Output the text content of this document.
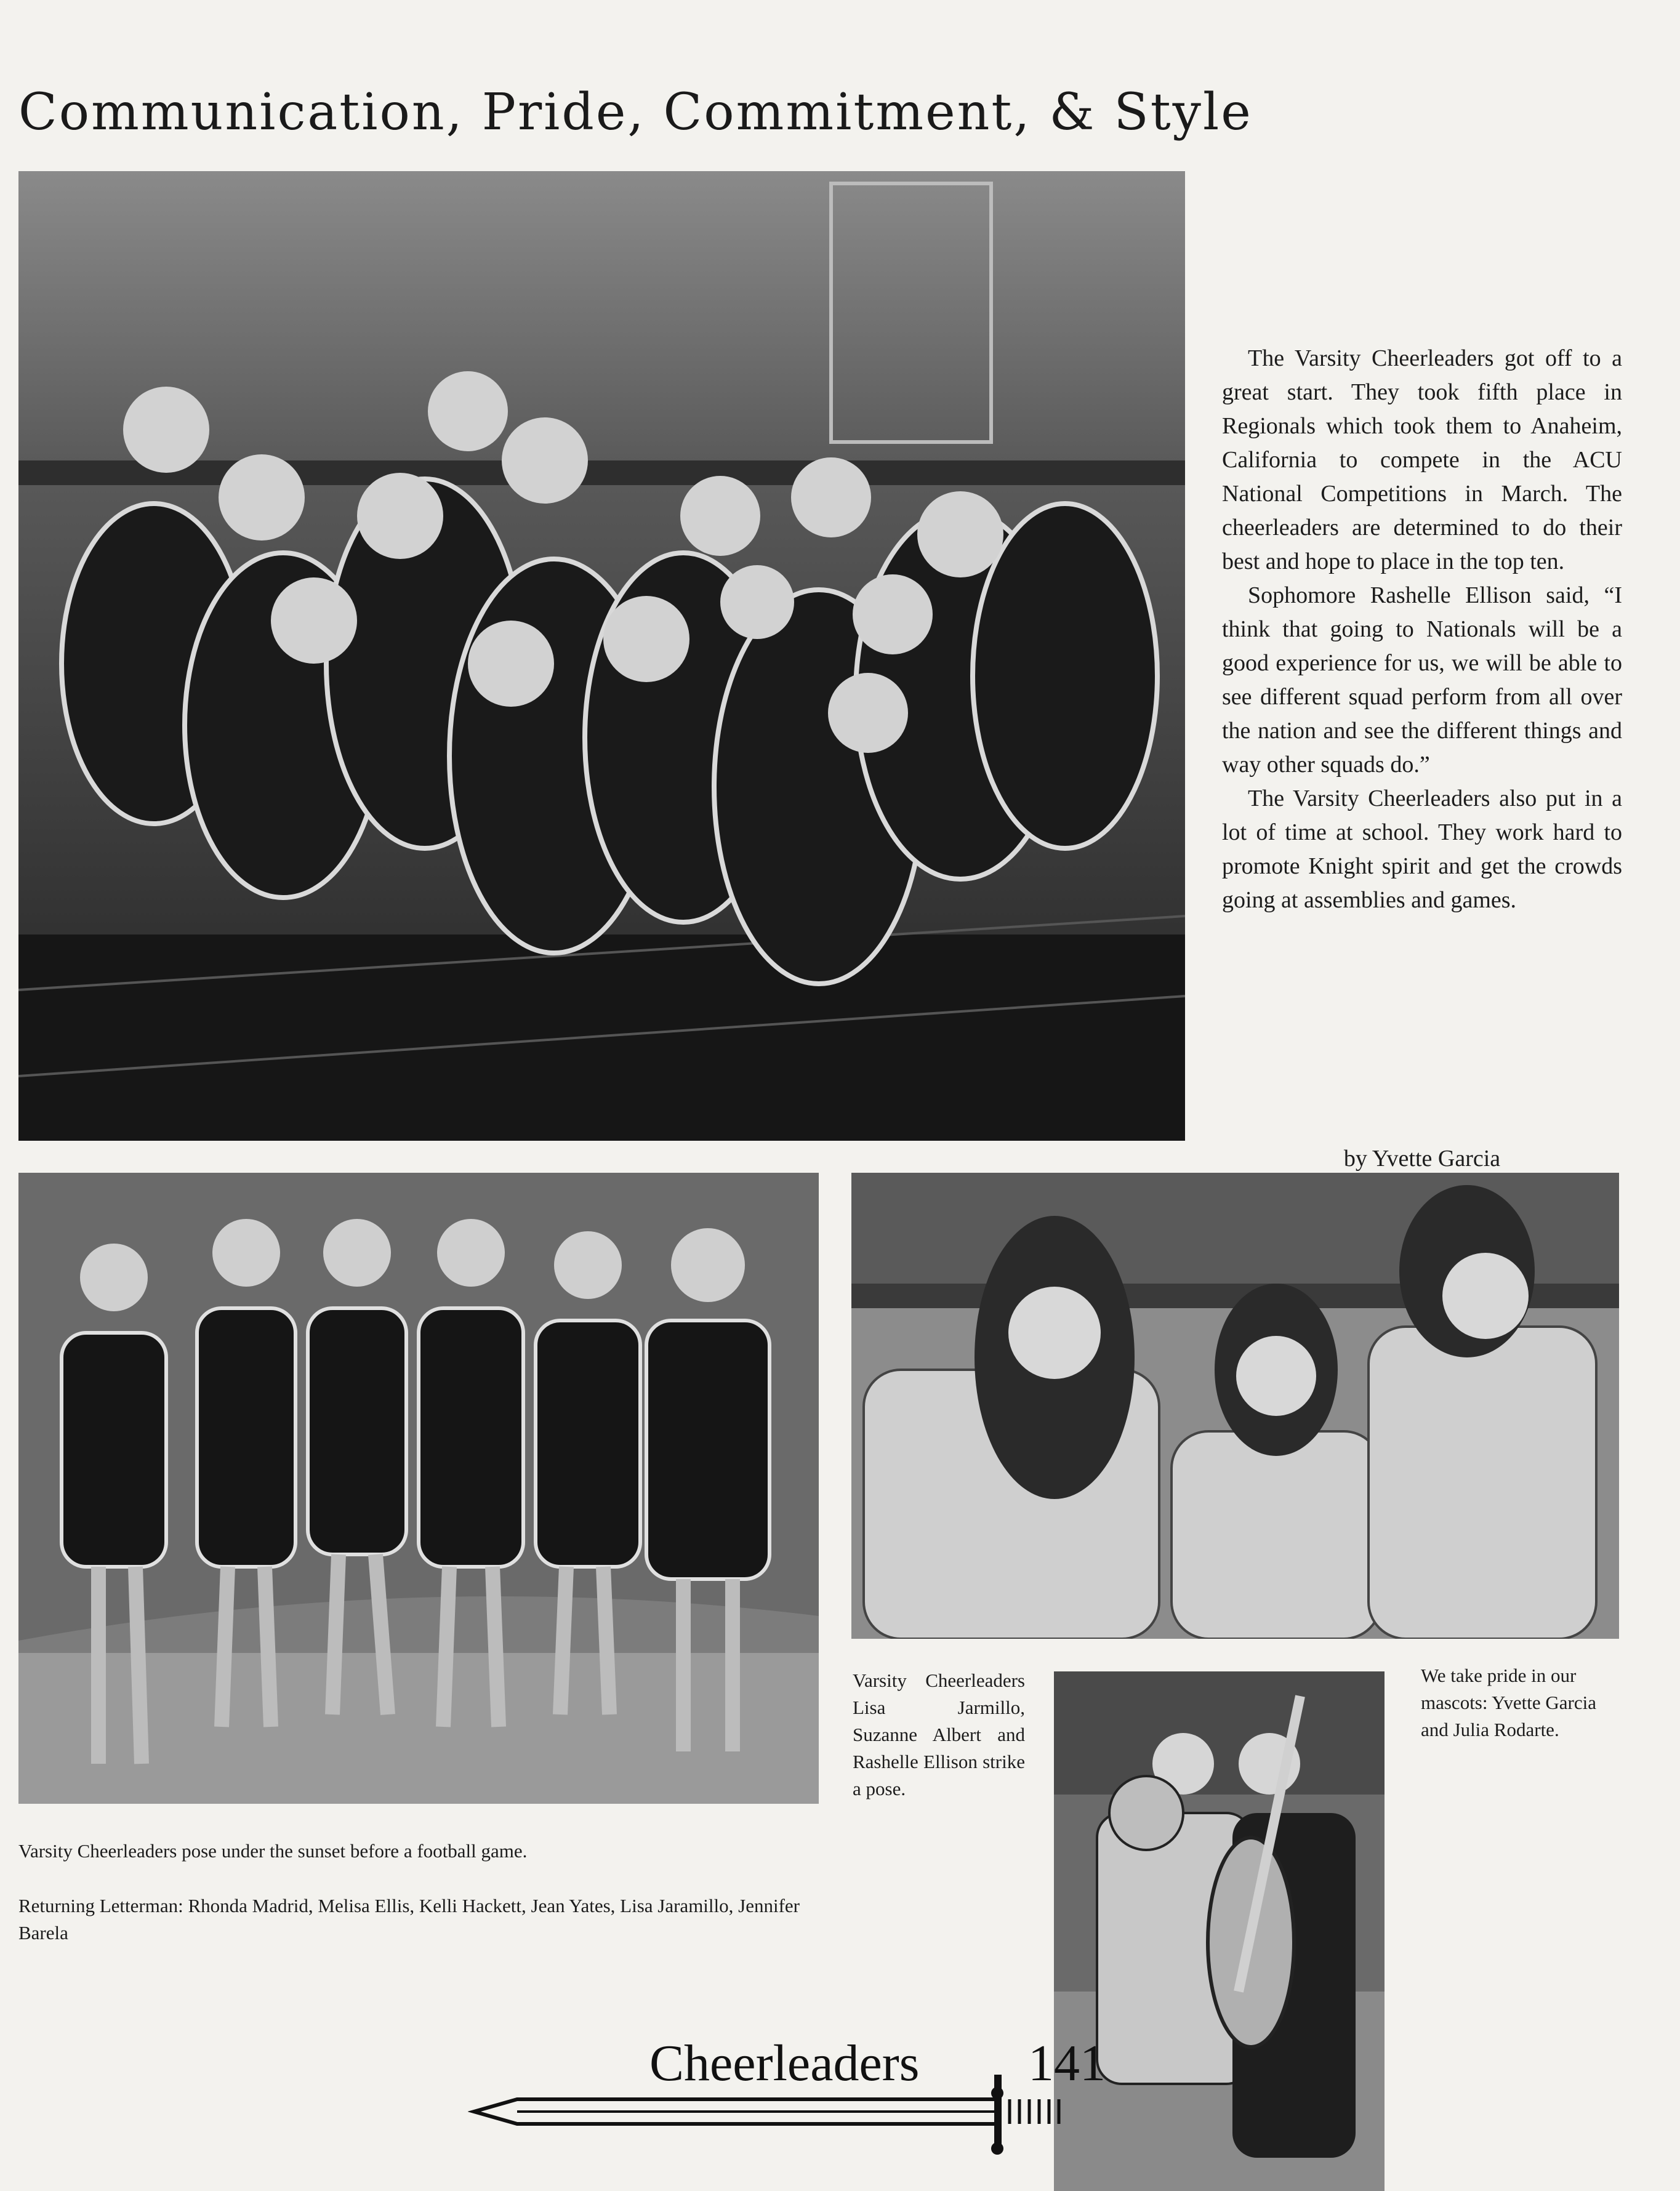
Communication, Pride, Commitment, & Style

The Varsity Cheerleaders got off to a great start. They took fifth place in Regionals which took them to Anaheim, California to compete in the ACU National Competitions in March. The cheerleaders are determined to do their best and hope to place in the top ten.

Sophomore Rashelle Ellison said, “I think that going to Nationals will be a good experience for us, we will be able to see different squad perform from all over the nation and see the different things and way other squads do.”

The Varsity Cheerleaders also put in a lot of time at school. They work hard to promote Knight spirit and get the crowds going at assemblies and games.

by Yvette Garcia
Varsity Cheerleaders pose under the sunset before a football game.
Returning Letterman: Rhonda Madrid, Melisa Ellis, Kelli Hackett, Jean Yates, Lisa Jaramillo, Jennifer Barela
Varsity Cheerleaders Lisa Jarmillo, Suzanne Albert and Rashelle Ellison strike a pose.
We take pride in our mascots: Yvette Garcia and Julia Rodarte.
Cheerleaders 141
